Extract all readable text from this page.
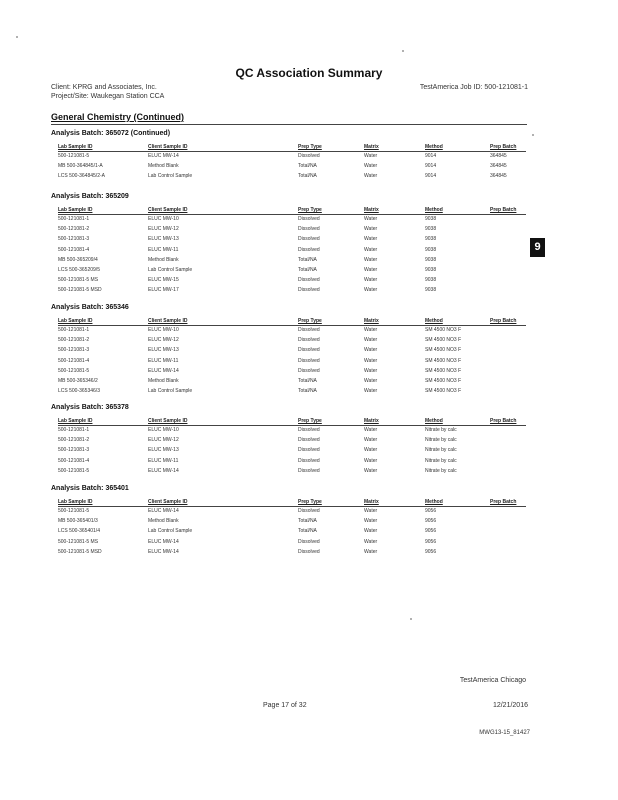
QC Association Summary
Client: KPRG and Associates, Inc.
Project/Site: Waukegan Station CCA
TestAmerica Job ID: 500-121081-1
General Chemistry (Continued)
9
Analysis Batch: 365072 (Continued)
Lab Sample ID	Client Sample ID	Prep Type	Matrix	Method	Prep Batch
500-121081-5	ELUC MW-14	Dissolved	Water	9014	364845
MB 500-364845/1-A	Method Blank	Total/NA	Water	9014	364845
LCS 500-364845/2-A	Lab Control Sample	Total/NA	Water	9014	364845
Analysis Batch: 365209
Lab Sample ID	Client Sample ID	Prep Type	Matrix	Method	Prep Batch
500-121081-1	ELUC MW-10	Dissolved	Water	9038
500-121081-2	ELUC MW-12	Dissolved	Water	9038
500-121081-3	ELUC MW-13	Dissolved	Water	9038
500-121081-4	ELUC MW-11	Dissolved	Water	9038
MB 500-365209/4	Method Blank	Total/NA	Water	9038
LCS 500-365209/5	Lab Control Sample	Total/NA	Water	9038
500-121081-5 MS	ELUC MW-15	Dissolved	Water	9038
500-121081-5 MSD	ELUC MW-17	Dissolved	Water	9038
Analysis Batch: 365346
Lab Sample ID	Client Sample ID	Prep Type	Matrix	Method	Prep Batch
500-121081-1	ELUC MW-10	Dissolved	Water	SM 4500 NO3 F
500-121081-2	ELUC MW-12	Dissolved	Water	SM 4500 NO3 F
500-121081-3	ELUC MW-13	Dissolved	Water	SM 4500 NO3 F
500-121081-4	ELUC MW-11	Dissolved	Water	SM 4500 NO3 F
500-121081-5	ELUC MW-14	Dissolved	Water	SM 4500 NO3 F
MB 500-365346/2	Method Blank	Total/NA	Water	SM 4500 NO3 F
LCS 500-365346/3	Lab Control Sample	Total/NA	Water	SM 4500 NO3 F
Analysis Batch: 365378
Lab Sample ID	Client Sample ID	Prep Type	Matrix	Method	Prep Batch
500-121081-1	ELUC MW-10	Dissolved	Water	Nitrate by calc
500-121081-2	ELUC MW-12	Dissolved	Water	Nitrate by calc
500-121081-3	ELUC MW-13	Dissolved	Water	Nitrate by calc
500-121081-4	ELUC MW-11	Dissolved	Water	Nitrate by calc
500-121081-5	ELUC MW-14	Dissolved	Water	Nitrate by calc
Analysis Batch: 365401
Lab Sample ID	Client Sample ID	Prep Type	Matrix	Method	Prep Batch
500-121081-5	ELUC MW-14	Dissolved	Water	9056
MB 500-365401/3	Method Blank	Total/NA	Water	9056
LCS 500-365401/4	Lab Control Sample	Total/NA	Water	9056
500-121081-5 MS	ELUC MW-14	Dissolved	Water	9056
500-121081-5 MSD	ELUC MW-14	Dissolved	Water	9056
TestAmerica Chicago
Page 17 of 32	12/21/2016
MWG13-15_81427
